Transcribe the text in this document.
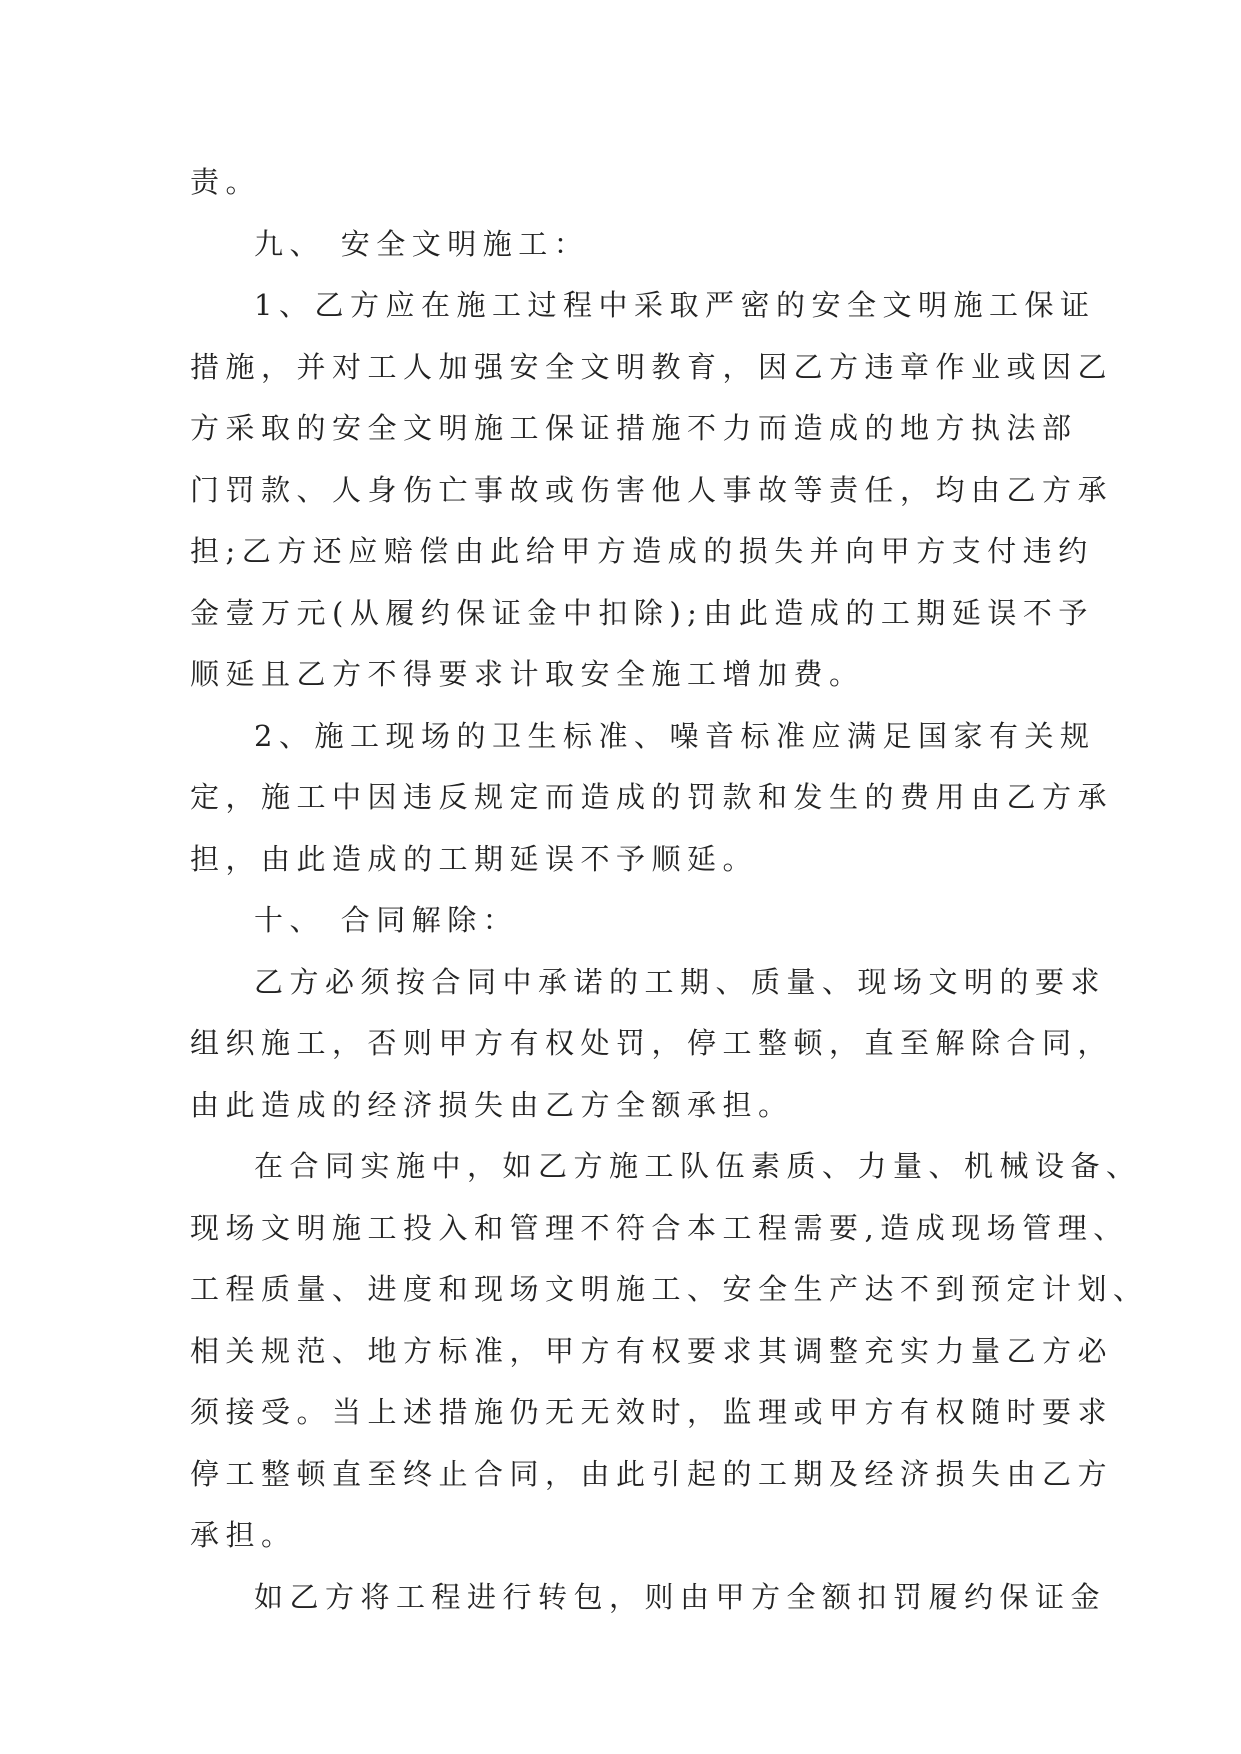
责。
九、 安全文明施工：
1、乙方应在施工过程中采取严密的安全文明施工保证
措施，并对工人加强安全文明教育，因乙方违章作业或因乙
方采取的安全文明施工保证措施不力而造成的地方执法部
门罚款、人身伤亡事故或伤害他人事故等责任，均由乙方承
担;乙方还应赔偿由此给甲方造成的损失并向甲方支付违约
金壹万元(从履约保证金中扣除);由此造成的工期延误不予
顺延且乙方不得要求计取安全施工增加费。
2、施工现场的卫生标准、噪音标准应满足国家有关规
定，施工中因违反规定而造成的罚款和发生的费用由乙方承
担，由此造成的工期延误不予顺延。
十、 合同解除：
乙方必须按合同中承诺的工期、质量、现场文明的要求
组织施工，否则甲方有权处罚，停工整顿，直至解除合同，
由此造成的经济损失由乙方全额承担。
在合同实施中，如乙方施工队伍素质、力量、机械设备、
现场文明施工投入和管理不符合本工程需要,造成现场管理、
工程质量、进度和现场文明施工、安全生产达不到预定计划、
相关规范、地方标准，甲方有权要求其调整充实力量乙方必
须接受。当上述措施仍无无效时，监理或甲方有权随时要求
停工整顿直至终止合同，由此引起的工期及经济损失由乙方
承担。
如乙方将工程进行转包，则由甲方全额扣罚履约保证金
